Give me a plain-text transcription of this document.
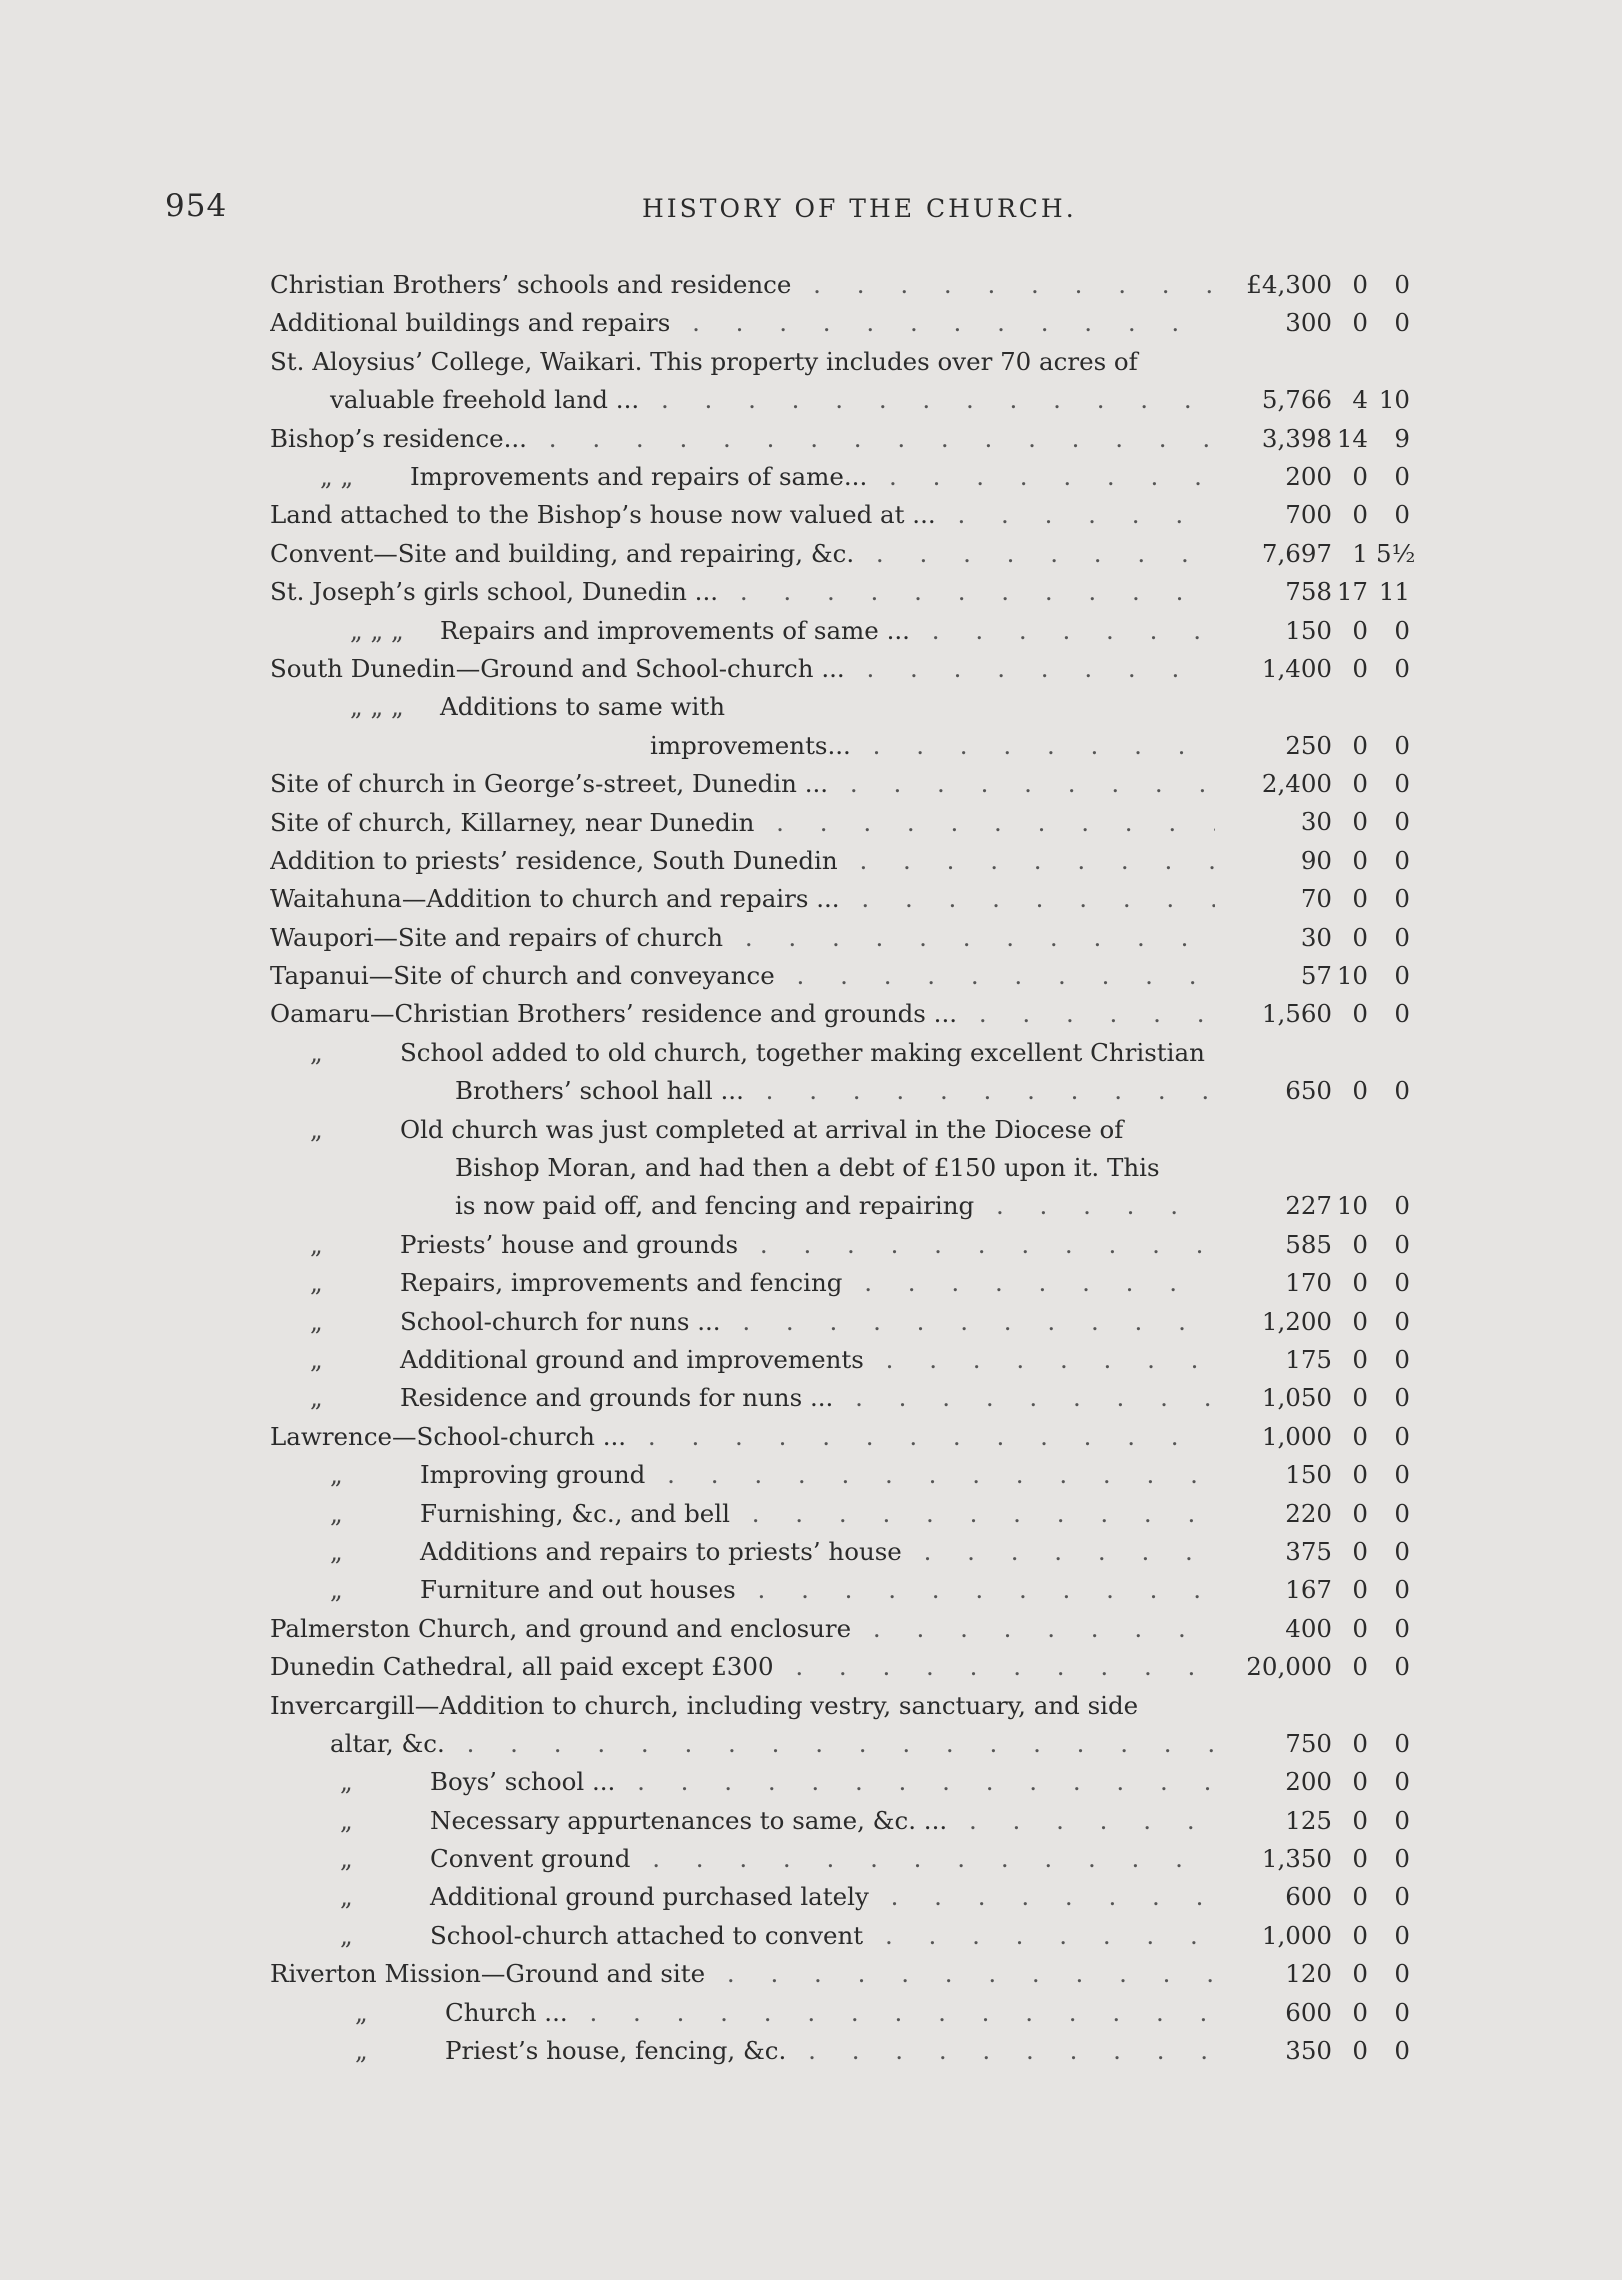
954	HISTORY OF THE CHURCH.
Christian Brothers’ schools and residence . . .	£4,300 0	0
Additional buildings and repairs . . .	300 0	0
St. Aloysius’ College, Waikari. This property includes over 70 acres of
valuable freehold land ... . . .	5,766 4 10
Bishop’s residence... . . .	3,398 14	9
„ „ Improvements and repairs of same... . . .	200 0	0
Land attached to the Bishop’s house now valued at ... . . .	700 0	0
Convent—Site and building, and repairing, &c. . . .	7,697 1 5½
St. Joseph’s girls school, Dunedin ... . . .	758 17 11
„ „ „ Repairs and improvements of same ... . . .	150 0	0
South Dunedin—Ground and School-church ... . . .	1,400 0	0
„ „ „ Additions to same with
improvements... . . .	250 0	0
Site of church in George’s-street, Dunedin ... . . .	2,400 0	0
Site of church, Killarney, near Dunedin . . .	30 0	0
Addition to priests’ residence, South Dunedin . . .	90 0	0
Waitahuna—Addition to church and repairs ... . . .	70 0	0
Waupori—Site and repairs of church . . .	30 0	0
Tapanui—Site of church and conveyance . . .	57 10	0
Oamaru—Christian Brothers’ residence and grounds ... . . .	1,560 0	0
„	School added to old church, together making excellent Christian
Brothers’ school hall ... . . .	650 0	0
„	Old church was just completed at arrival in the Diocese of
Bishop Moran, and had then a debt of £150 upon it. This
is now paid off, and fencing and repairing . . .	227 10	0
„	Priests’ house and grounds . . .	585 0	0
„	Repairs, improvements and fencing . . .	170 0	0
„	School-church for nuns ... . . .	1,200 0	0
„	Additional ground and improvements . . .	175 0	0
„	Residence and grounds for nuns ... . . .	1,050 0	0
Lawrence—School-church ... . . .	1,000 0	0
„	Improving ground . . .	150 0	0
„	Furnishing, &c., and bell . . .	220 0	0
„	Additions and repairs to priests’ house . . .	375 0	0
„	Furniture and out houses . . .	167 0	0
Palmerston Church, and ground and enclosure . . .	400 0	0
Dunedin Cathedral, all paid except £300 . . .	20,000 0	0
Invercargill—Addition to church, including vestry, sanctuary, and side
altar, &c. . . .	750 0	0
„	Boys’ school ... . . .	200 0	0
„	Necessary appurtenances to same, &c. ... . . .	125 0	0
„	Convent ground . . .	1,350 0	0
„	Additional ground purchased lately . . .	600 0	0
„	School-church attached to convent . . .	1,000 0	0
Riverton Mission—Ground and site . . .	120 0	0
„	Church ... . . .	600 0	0
„	Priest’s house, fencing, &c. . . .	350 0	0
